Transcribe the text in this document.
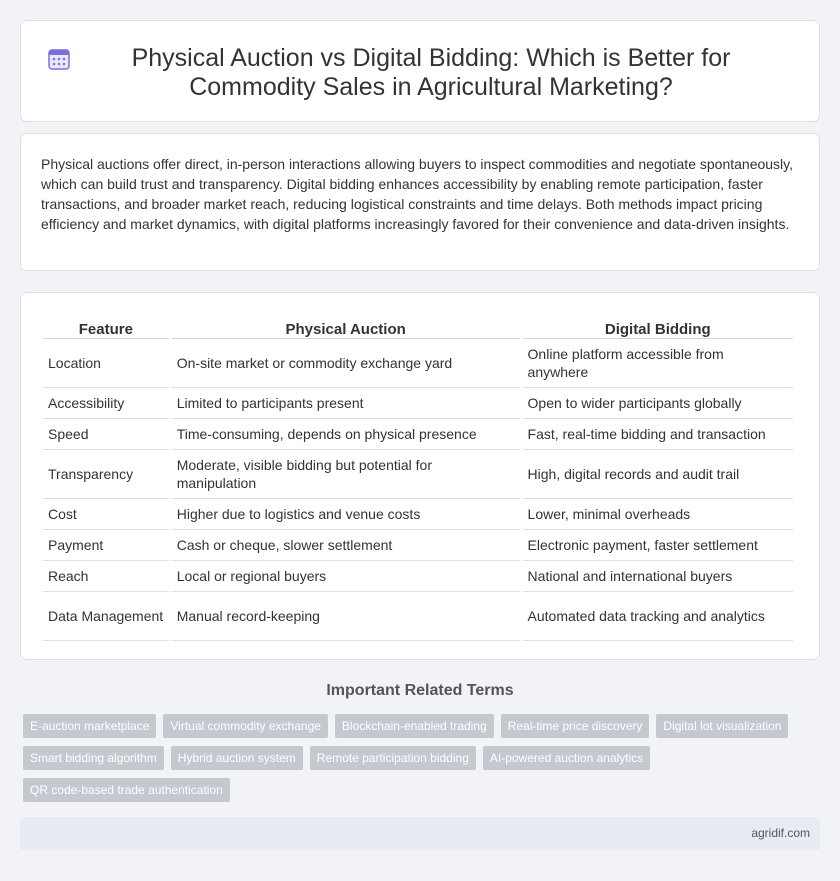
Physical Auction vs Digital Bidding: Which is Better for Commodity Sales in Agricultural Marketing?

Physical auctions offer direct, in-person interactions allowing buyers to inspect commodities and negotiate spontaneously, which can build trust and transparency. Digital bidding enhances accessibility by enabling remote participation, faster transactions, and broader market reach, reducing logistical constraints and time delays. Both methods impact pricing efficiency and market dynamics, with digital platforms increasingly favored for their convenience and data-driven insights.

Feature	Physical Auction	Digital Bidding
Location	On-site market or commodity exchange yard	Online platform accessible from anywhere
Accessibility	Limited to participants present	Open to wider participants globally
Speed	Time-consuming, depends on physical presence	Fast, real-time bidding and transaction
Transparency	Moderate, visible bidding but potential for manipulation	High, digital records and audit trail
Cost	Higher due to logistics and venue costs	Lower, minimal overheads
Payment	Cash or cheque, slower settlement	Electronic payment, faster settlement
Reach	Local or regional buyers	National and international buyers
Data Management	Manual record-keeping	Automated data tracking and analytics
Important Related Terms
E-auction marketplace	Virtual commodity exchange	Blockchain-enabled trading	Real-time price discovery	Digital lot visualization
Smart bidding algorithm	Hybrid auction system	Remote participation bidding	AI-powered auction analytics
QR code-based trade authentication
agridif.com
